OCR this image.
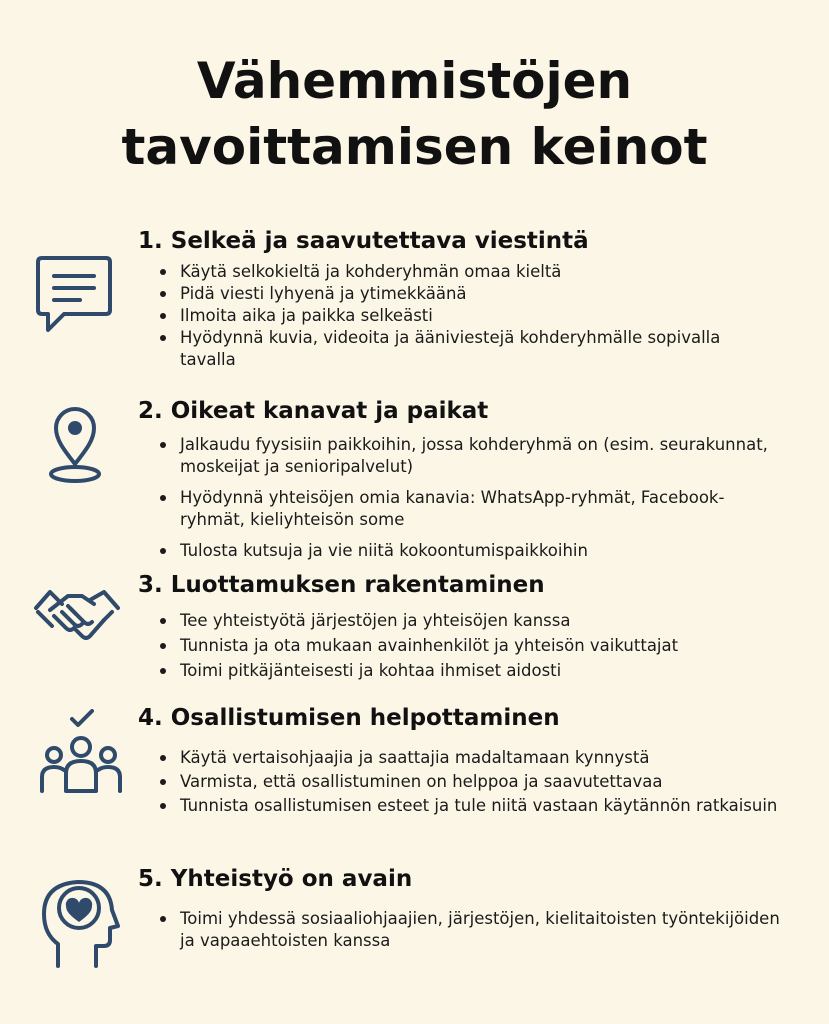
Vähemmistöjen
tavoittamisen keinot
1. Selkeä ja saavutettava viestintä
Käytä selkokieltä ja kohderyhmän omaa kieltä
Pidä viesti lyhyenä ja ytimekkäänä
Ilmoita aika ja paikka selkeästi
Hyödynnä kuvia, videoita ja ääniviestejä kohderyhmälle sopivalla tavalla
2. Oikeat kanavat ja paikat
Jalkaudu fyysisiin paikkoihin, jossa kohderyhmä on (esim. seurakunnat, moskeijat ja senioripalvelut)
Hyödynnä yhteisöjen omia kanavia: WhatsApp-ryhmät, Facebook-ryhmät, kieliyhteisön some
Tulosta kutsuja ja vie niitä kokoontumispaikkoihin
3. Luottamuksen rakentaminen
Tee yhteistyötä järjestöjen ja yhteisöjen kanssa
Tunnista ja ota mukaan avainhenkilöt ja yhteisön vaikuttajat
Toimi pitkäjänteisesti ja kohtaa ihmiset aidosti
4. Osallistumisen helpottaminen
Käytä vertaisohjaajia ja saattajia madaltamaan kynnystä
Varmista, että osallistuminen on helppoa ja saavutettavaa
Tunnista osallistumisen esteet ja tule niitä vastaan käytännön ratkaisuin
5. Yhteistyö on avain
Toimi yhdessä sosiaaliohjaajien, järjestöjen, kielitaitoisten työntekijöiden ja vapaaehtoisten kanssa
